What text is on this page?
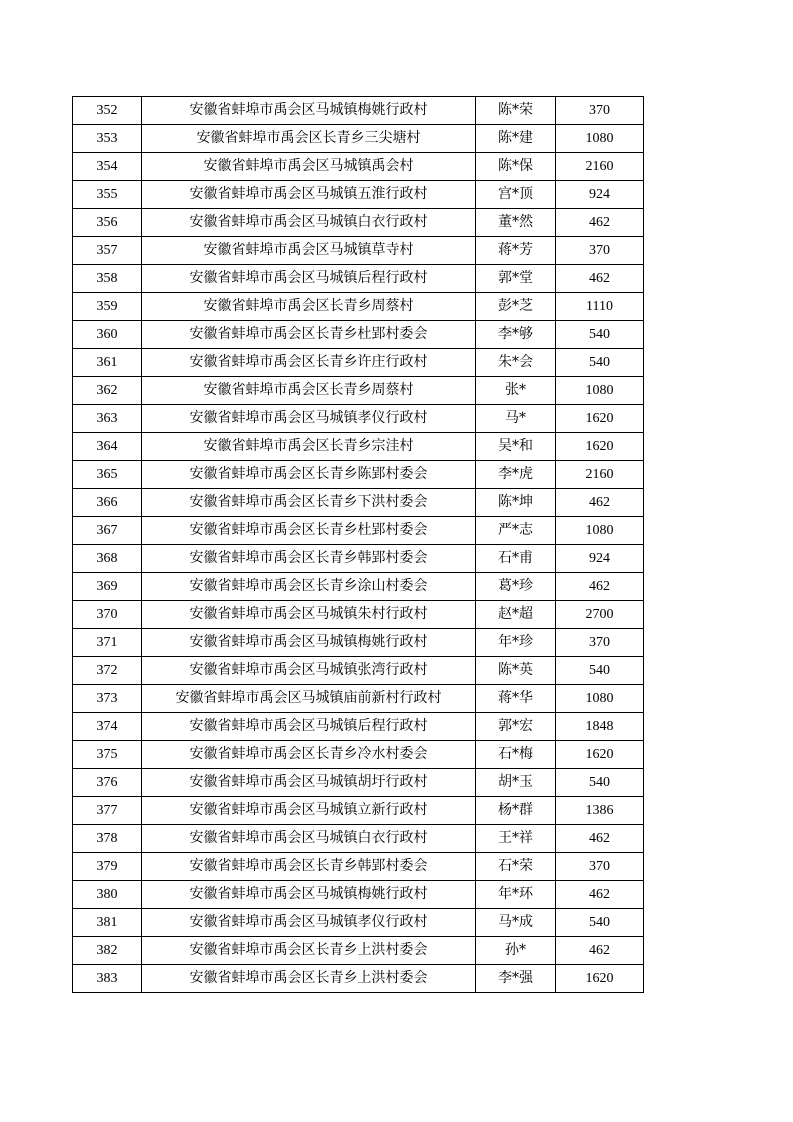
352	安徽省蚌埠市禹会区马城镇梅姚行政村	陈*荣	370
353	安徽省蚌埠市禹会区长青乡三尖塘村	陈*建	1080
354	安徽省蚌埠市禹会区马城镇禹会村	陈*保	2160
355	安徽省蚌埠市禹会区马城镇五淮行政村	宫*顶	924
356	安徽省蚌埠市禹会区马城镇白衣行政村	董*然	462
357	安徽省蚌埠市禹会区马城镇草寺村	蒋*芳	370
358	安徽省蚌埠市禹会区马城镇后程行政村	郭*堂	462
359	安徽省蚌埠市禹会区长青乡周蔡村	彭*芝	1110
360	安徽省蚌埠市禹会区长青乡杜郢村委会	李*够	540
361	安徽省蚌埠市禹会区长青乡许庄行政村	朱*会	540
362	安徽省蚌埠市禹会区长青乡周蔡村	张*	1080
363	安徽省蚌埠市禹会区马城镇孝仪行政村	马*	1620
364	安徽省蚌埠市禹会区长青乡宗洼村	吴*和	1620
365	安徽省蚌埠市禹会区长青乡陈郢村委会	李*虎	2160
366	安徽省蚌埠市禹会区长青乡下洪村委会	陈*坤	462
367	安徽省蚌埠市禹会区长青乡杜郢村委会	严*志	1080
368	安徽省蚌埠市禹会区长青乡韩郢村委会	石*甫	924
369	安徽省蚌埠市禹会区长青乡涂山村委会	葛*珍	462
370	安徽省蚌埠市禹会区马城镇朱村行政村	赵*超	2700
371	安徽省蚌埠市禹会区马城镇梅姚行政村	年*珍	370
372	安徽省蚌埠市禹会区马城镇张湾行政村	陈*英	540
373	安徽省蚌埠市禹会区马城镇庙前新村行政村	蒋*华	1080
374	安徽省蚌埠市禹会区马城镇后程行政村	郭*宏	1848
375	安徽省蚌埠市禹会区长青乡冷水村委会	石*梅	1620
376	安徽省蚌埠市禹会区马城镇胡圩行政村	胡*玉	540
377	安徽省蚌埠市禹会区马城镇立新行政村	杨*群	1386
378	安徽省蚌埠市禹会区马城镇白衣行政村	王*祥	462
379	安徽省蚌埠市禹会区长青乡韩郢村委会	石*荣	370
380	安徽省蚌埠市禹会区马城镇梅姚行政村	年*环	462
381	安徽省蚌埠市禹会区马城镇孝仪行政村	马*成	540
382	安徽省蚌埠市禹会区长青乡上洪村委会	孙*	462
383	安徽省蚌埠市禹会区长青乡上洪村委会	李*强	1620
